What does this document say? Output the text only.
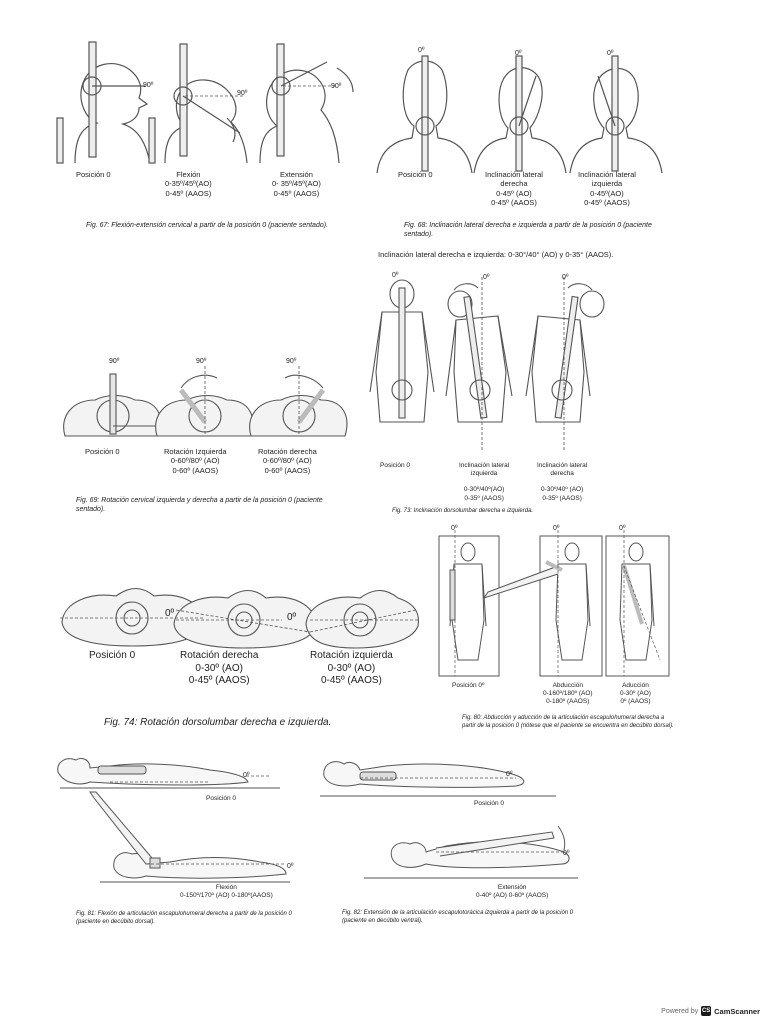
90º
90º
90º
Posición 0	Flexión
0-35º/45º(AO)
0-45º (AAOS)
Extensión
0- 35º/45º(AO)
0-45º (AAOS)
Fig. 67: Flexión-extensión cervical a partir de la posición 0 (paciente sentado).
0º	0º	0º
Posición 0	Inclinación lateral
derecha
0-45º (AO)
0-45º (AAOS)
Inclinación lateral
izquierda
0-45º(AO)
0-45º (AAOS)
Fig. 68: Inclinación lateral derecha e izquierda a partir de la posición 0 (paciente sentado).
Inclinación lateral derecha e izquierda: 0-30°/40° (AO) y 0-35° (AAOS).
0º	0º	0º
Posición 0	Inclinación lateral
izquierda

0-30º/40º(AO)
0-35º (AAOS)
Inclinación lateral
derecha

0-30º/40º (AO)
0-35º (AAOS)
Fig. 73: Inclinación dorsolumbar derecha e izquierda.
90º	90º	90º
Posición 0	Rotación Izquierda
0-60º/80º (AO)
0-60º (AAOS)
Rotación derecha
0-60º/80º (AO)
0-60º (AAOS)
Fig. 69: Rotación cervical izquierda y derecha a partir de la posición 0 (paciente sentado).
0º	0º
Posición 0	Rotación derecha
0-30º (AO)
0-45º (AAOS)
Rotación izquierda
0-30º (AO)
0-45º (AAOS)
Fig. 74: Rotación dorsolumbar derecha e izquierda.
0º	0º	0º
Posición 0º	Abducción
0-160º/180º (AO)
0-180º (AAOS)
Aducción
0-30º (AO)
0º (AAOS)
Fig. 80: Abducción y aducción de la articulación escapulohumeral derecha a partir de la posición 0 (nótese que el paciente se encuentra en decúbito dorsal).
0º
0º
Posición 0
Flexión
0-150º/170º (AO) 0-180º(AAOS)
Fig. 81: Flexión de articulación escapulohumeral derecha a partir de la posición 0 (paciente en decúbito dorsal).
0º
0º
Posición 0
Extensión
0-40º (AO) 0-60º (AAOS)
Fig. 82: Extensión de la articulación escapulotorácica izquierda a partir de la posición 0 (paciente en decúbito ventral).
Powered by CS CamScanner
